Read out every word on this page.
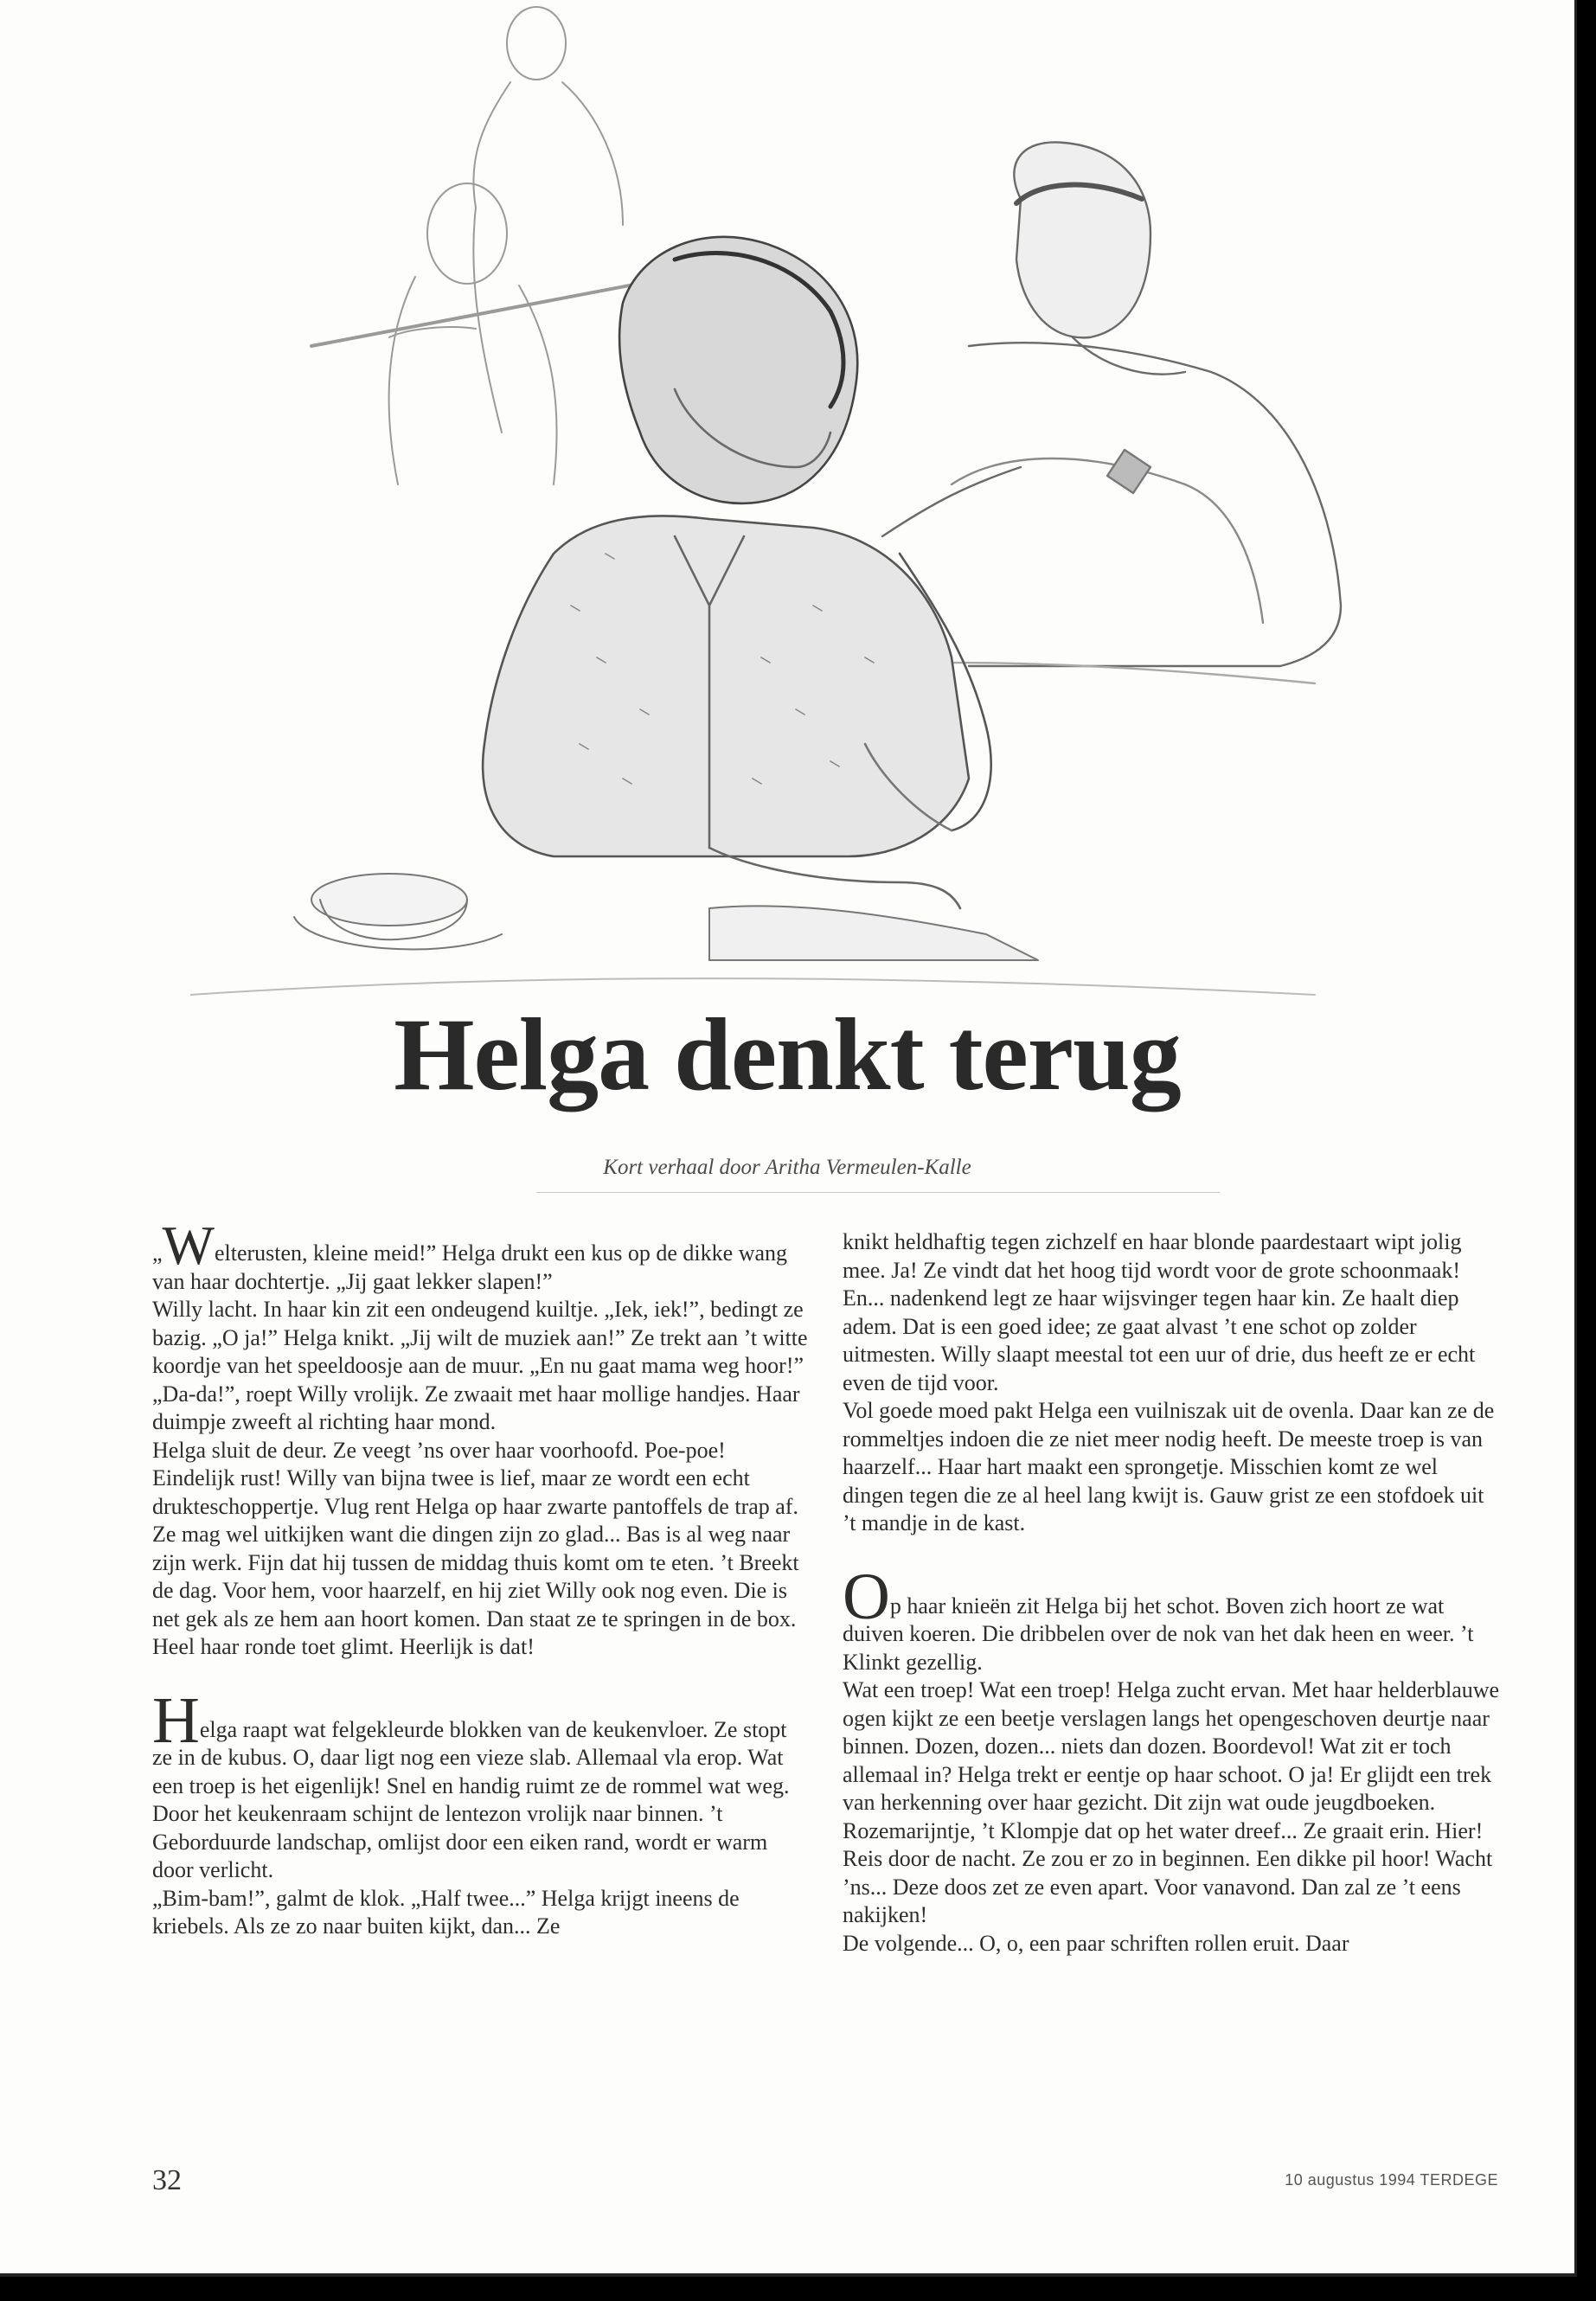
Helga denkt terug

Kort verhaal door Aritha Vermeulen-Kalle

„Welterusten, kleine meid!” Helga drukt een kus op de dikke wang van haar dochtertje. „Jij gaat lekker slapen!”

Willy lacht. In haar kin zit een ondeugend kuiltje. „Iek, iek!”, bedingt ze bazig. „O ja!” Helga knikt. „Jij wilt de muziek aan!” Ze trekt aan ’t witte koordje van het speeldoosje aan de muur. „En nu gaat mama weg hoor!”

„Da-da!”, roept Willy vrolijk. Ze zwaait met haar mollige handjes. Haar duimpje zweeft al richting haar mond.

Helga sluit de deur. Ze veegt ’ns over haar voorhoofd. Poe-poe! Eindelijk rust! Willy van bijna twee is lief, maar ze wordt een echt drukteschoppertje. Vlug rent Helga op haar zwarte pantoffels de trap af. Ze mag wel uitkijken want die dingen zijn zo glad... Bas is al weg naar zijn werk. Fijn dat hij tussen de middag thuis komt om te eten. ’t Breekt de dag. Voor hem, voor haarzelf, en hij ziet Willy ook nog even. Die is net gek als ze hem aan hoort komen. Dan staat ze te springen in de box. Heel haar ronde toet glimt. Heerlijk is dat!

Helga raapt wat felgekleurde blokken van de keukenvloer. Ze stopt ze in de kubus. O, daar ligt nog een vieze slab. Allemaal vla erop. Wat een troep is het eigenlijk! Snel en handig ruimt ze de rommel wat weg. Door het keukenraam schijnt de lentezon vrolijk naar binnen. ’t Geborduurde landschap, omlijst door een eiken rand, wordt er warm door verlicht.

„Bim-bam!”, galmt de klok. „Half twee...” Helga krijgt ineens de kriebels. Als ze zo naar buiten kijkt, dan... Ze

knikt heldhaftig tegen zichzelf en haar blonde paardestaart wipt jolig mee. Ja! Ze vindt dat het hoog tijd wordt voor de grote schoonmaak! En... nadenkend legt ze haar wijsvinger tegen haar kin. Ze haalt diep adem. Dat is een goed idee; ze gaat alvast ’t ene schot op zolder uitmesten. Willy slaapt meestal tot een uur of drie, dus heeft ze er echt even de tijd voor.

Vol goede moed pakt Helga een vuilniszak uit de ovenla. Daar kan ze de rommeltjes indoen die ze niet meer nodig heeft. De meeste troep is van haarzelf... Haar hart maakt een sprongetje. Misschien komt ze wel dingen tegen die ze al heel lang kwijt is. Gauw grist ze een stofdoek uit ’t mandje in de kast.

Op haar knieën zit Helga bij het schot. Boven zich hoort ze wat duiven koeren. Die dribbelen over de nok van het dak heen en weer. ’t Klinkt gezellig.

Wat een troep! Wat een troep! Helga zucht ervan. Met haar helderblauwe ogen kijkt ze een beetje verslagen langs het opengeschoven deurtje naar binnen. Dozen, dozen... niets dan dozen. Boordevol! Wat zit er toch allemaal in? Helga trekt er eentje op haar schoot. O ja! Er glijdt een trek van herkenning over haar gezicht. Dit zijn wat oude jeugdboeken. Rozemarijntje, ’t Klompje dat op het water dreef... Ze graait erin. Hier! Reis door de nacht. Ze zou er zo in beginnen. Een dikke pil hoor! Wacht ’ns... Deze doos zet ze even apart. Voor vanavond. Dan zal ze ’t eens nakijken!

De volgende... O, o, een paar schriften rollen eruit. Daar

32	10 augustus 1994 TERDEGE
